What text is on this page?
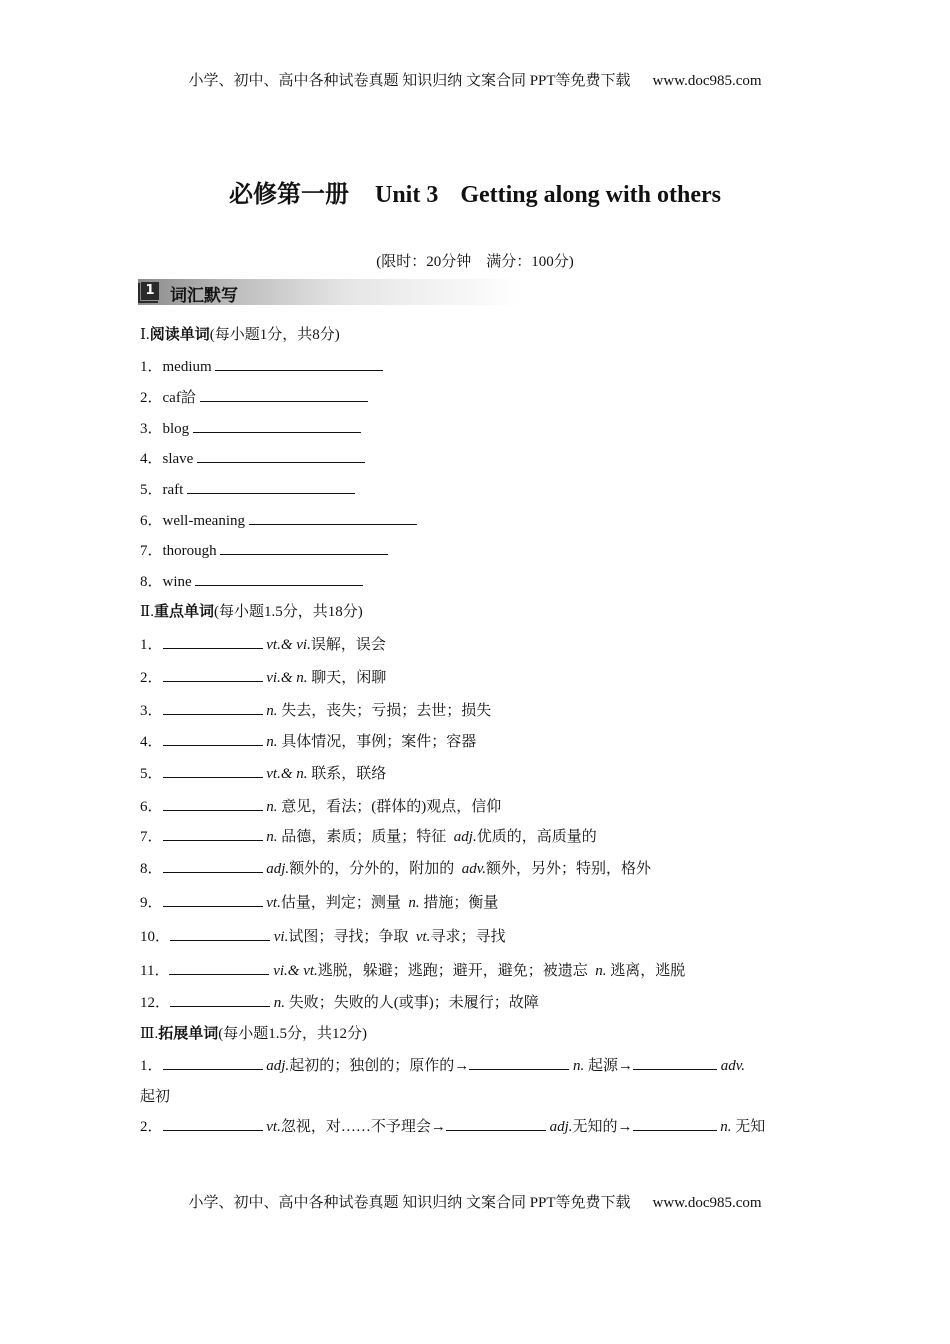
小学、初中、高中各种试卷真题 知识归纳 文案合同 PPT等免费下载 www.doc985.com
必修第一册 Unit 3 Getting along with others
(限时：20分钟　满分：100分)
1 词汇默写
Ⅰ.阅读单词(每小题1分，共8分)
1．medium
2．caf詥
3．blog
4．slave
5．raft
6．well-meaning
7．thorough
8．wine
Ⅱ.重点单词(每小题1.5分，共18分)
1．	vt.& vi.误解，误会
2．	vi.& n. 聊天，闲聊
3．	n. 失去，丧失；亏损；去世；损失
4．	n. 具体情况，事例；案件；容器
5．	vt.& n. 联系，联络
6．	n. 意见，看法；(群体的)观点，信仰
7．	n. 品德，素质；质量；特征 adj.优质的，高质量的
8．	adj.额外的，分外的，附加的 adv.额外，另外；特别，格外
9．	vt.估量，判定；测量 n. 措施；衡量
10．	vi.试图；寻找；争取 vt.寻求；寻找
11．	vi.& vt.逃脱，躲避；逃跑；避开，避免；被遗忘 n. 逃离，逃脱
12．	n. 失败；失败的人(或事)；未履行；故障
Ⅲ.拓展单词(每小题1.5分，共12分)
1．	adj.起初的；独创的；原作的→	n. 起源→	adv.
起初
2．	vt.忽视，对……不予理会→	adj.无知的→	n. 无知
小学、初中、高中各种试卷真题 知识归纳 文案合同 PPT等免费下载 www.doc985.com
